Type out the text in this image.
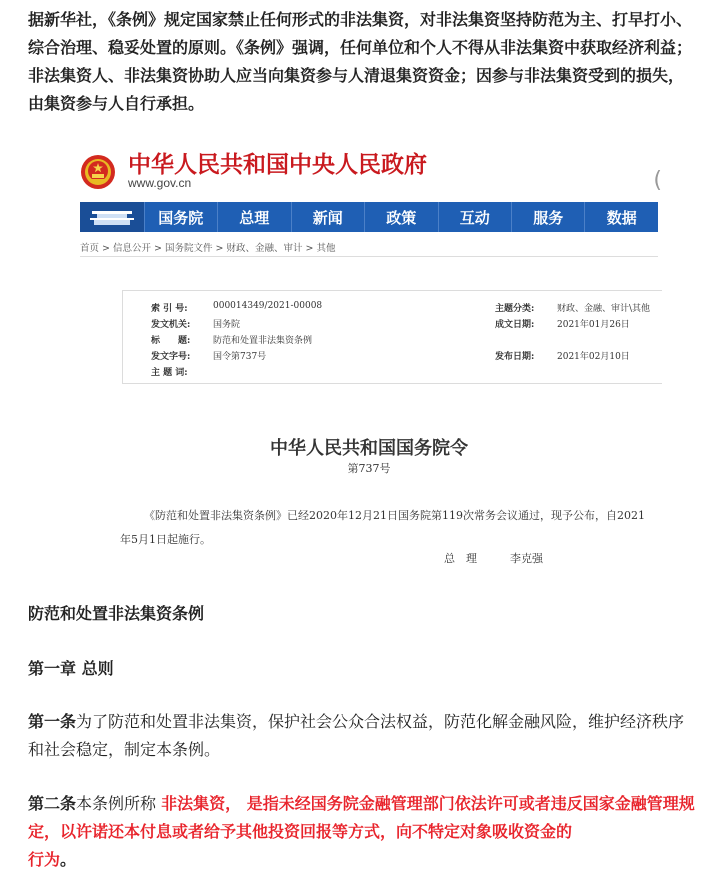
据新华社，《条例》规定国家禁止任何形式的非法集资，对非法集资坚持防范为主、打早打小、综合治理、稳妥处置的原则。《条例》强调，任何单位和个人不得从非法集资中获取经济利益；非法集资人、非法集资协助人应当向集资参与人清退集资资金；因参与非法集资受到的损失，由集资参与人自行承担。
中华人民共和国中央人民政府
www.gov.cn	(
国务院	总理	新闻	政策	互动	服务	数据
首页 > 信息公开 > 国务院文件 > 财政、金融、审计 > 其他
索 引 号:	000014349/2021-00008	主题分类:	财政、金融、审计\其他
发文机关:	国务院	成文日期:	2021年01月26日
标　　题:	防范和处置非法集资条例
发文字号:	国令第737号	发布日期:	2021年02月10日
主 题 词:
中华人民共和国国务院令
第737号
《防范和处置非法集资条例》已经2020年12月21日国务院第119次常务会议通过，现予公布，自2021年5月1日起施行。
总　理	李克强
防范和处置非法集资条例
第一章 总则
第一条为了防范和处置非法集资，保护社会公众合法权益，防范化解金融风险，维护经济秩序和社会稳定，制定本条例。
第二条本条例所称 非法集资， 是指未经国务院金融管理部门依法许可或者违反国家金融管理规定，以许诺还本付息或者给予其他投资回报等方式，向不特定对象吸收资金的
行为。
